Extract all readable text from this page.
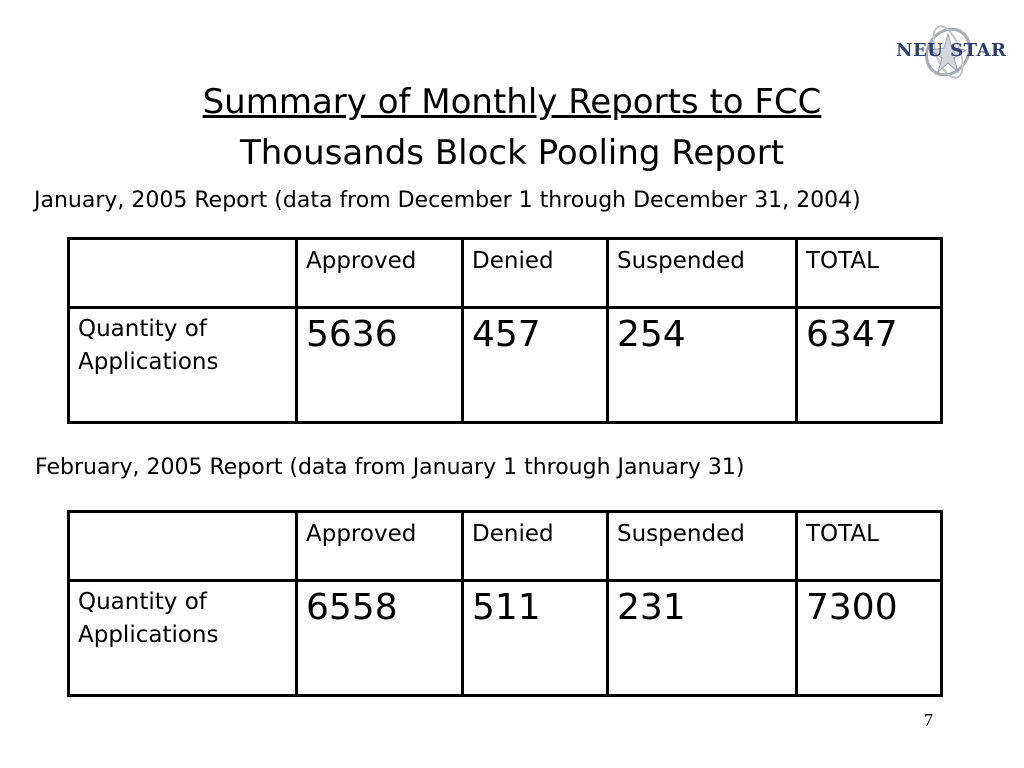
NEU STAR
Summary of Monthly Reports to FCC
Thousands Block Pooling Report
January, 2005 Report (data from December 1 through December 31, 2004)
	Approved	Denied	Suspended	TOTAL
Quantity of Applications	5636	457	254	6347
February, 2005 Report (data from January 1 through January 31)
	Approved	Denied	Suspended	TOTAL
Quantity of Applications	6558	511	231	7300
7
